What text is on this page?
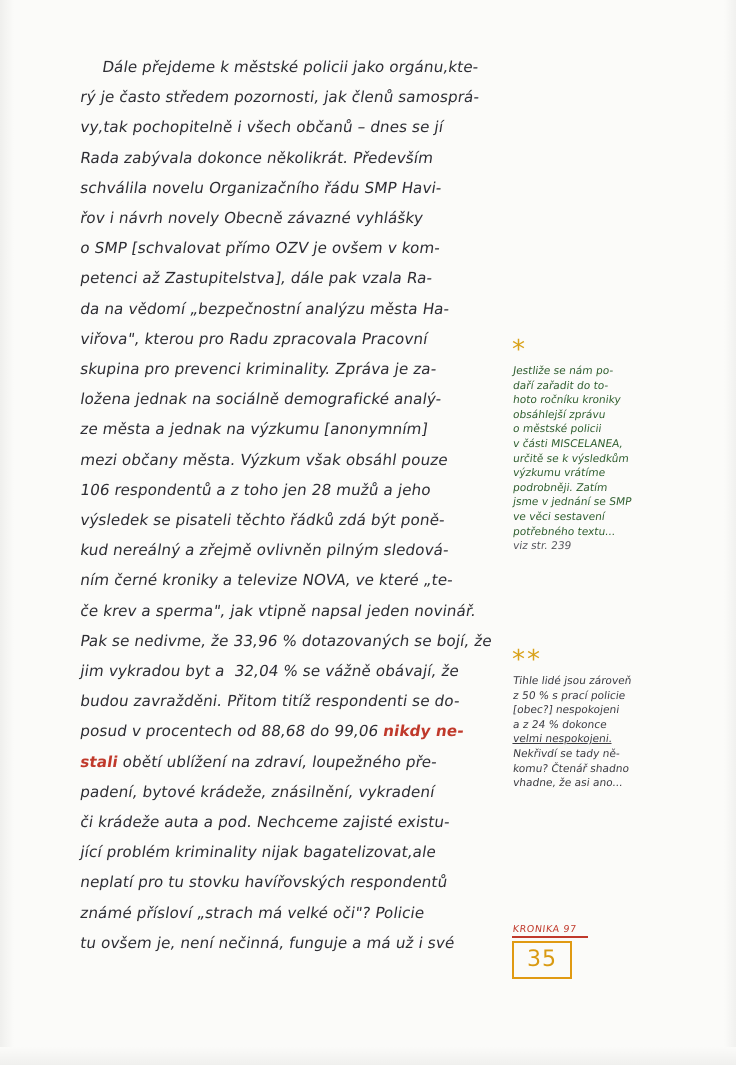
Dále přejdeme k městské policii jako orgánu,kte-
rý je často středem pozornosti, jak členů samosprá-
vy,tak pochopitelně i všech občanů – dnes se jí
Rada zabývala dokonce několikrát. Především
schválila novelu Organizačního řádu SMP Havi-
řov i návrh novely Obecně závazné vyhlášky
o SMP [schvalovat přímo OZV je ovšem v kom-
petenci až Zastupitelstva], dále pak vzala Ra-
da na vědomí „bezpečnostní analýzu města Ha-
viřova", kterou pro Radu zpracovala Pracovní
skupina pro prevenci kriminality. Zpráva je za-
ložena jednak na sociálně demografické analý-
ze města a jednak na výzkumu [anonymním]
mezi občany města. Výzkum však obsáhl pouze
106 respondentů a z toho jen 28 mužů a jeho
výsledek se pisateli těchto řádků zdá být poně-
kud nereálný a zřejmě ovlivněn pilným sledová-
ním černé kroniky a televize NOVA, ve které „te-
če krev a sperma", jak vtipně napsal jeden novinář.
Pak se nedivme, že 33,96 % dotazovaných se bojí, že
jim vykradou byt a  32,04 % se vážně obávají, že
budou zavražděni. Přitom titíž respondenti se do-
posud v procentech od 88,68 do 99,06 nikdy ne-
stali obětí ublížení na zdraví, loupežného pře-
padení, bytové krádeže, znásilnění, vykradení
či krádeže auta a pod. Nechceme zajisté existu-
jící problém kriminality nijak bagatelizovat,ale
neplatí pro tu stovku havířovských respondentů
známé přísloví „strach má velké oči"? Policie
tu ovšem je, není nečinná, funguje a má už i své
*
Jestliže se nám po-
daří zařadit do to-
hoto ročníku kroniky
obsáhlejší zprávu
o městské policii
v části MISCELANEA,
určitě se k výsledkům
výzkumu vrátíme
podrobněji. Zatím
jsme v jednání se SMP
ve věci sestavení
potřebného textu...
viz str. 239
**
Tihle lidé jsou zároveň
z 50 % s prací policie
[obec?] nespokojeni
a z 24 % dokonce
velmi nespokojeni.
Nekřivdí se tady ně-
komu? Čtenář shadno
vhadne, že asi ano...
KRONIKA 97
35
